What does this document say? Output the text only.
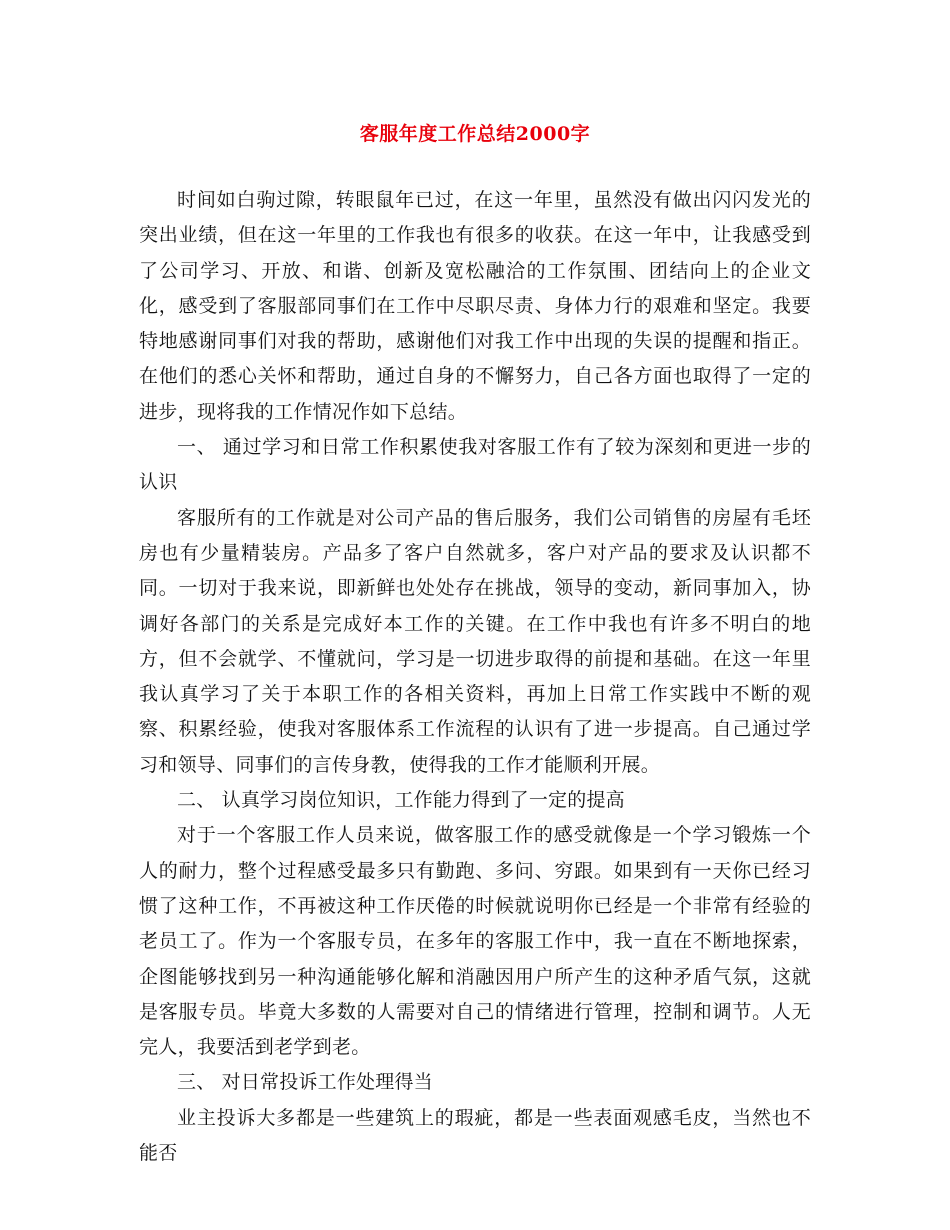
客服年度工作总结2000字

时间如白驹过隙，转眼鼠年已过，在这一年里，虽然没有做出闪闪发光的突出业绩，但在这一年里的工作我也有很多的收获。在这一年中，让我感受到了公司学习、开放、和谐、创新及宽松融洽的工作氛围、团结向上的企业文化，感受到了客服部同事们在工作中尽职尽责、身体力行的艰难和坚定。我要特地感谢同事们对我的帮助，感谢他们对我工作中出现的失误的提醒和指正。在他们的悉心关怀和帮助，通过自身的不懈努力，自己各方面也取得了一定的进步，现将我的工作情况作如下总结。

一、 通过学习和日常工作积累使我对客服工作有了较为深刻和更进一步的认识

客服所有的工作就是对公司产品的售后服务，我们公司销售的房屋有毛坯房也有少量精装房。产品多了客户自然就多，客户对产品的要求及认识都不同。一切对于我来说，即新鲜也处处存在挑战，领导的变动，新同事加入，协调好各部门的关系是完成好本工作的关键。在工作中我也有许多不明白的地方，但不会就学、不懂就问，学习是一切进步取得的前提和基础。在这一年里我认真学习了关于本职工作的各相关资料，再加上日常工作实践中不断的观察、积累经验，使我对客服体系工作流程的认识有了进一步提高。自己通过学习和领导、同事们的言传身教，使得我的工作才能顺利开展。

二、 认真学习岗位知识，工作能力得到了一定的提高

对于一个客服工作人员来说，做客服工作的感受就像是一个学习锻炼一个人的耐力，整个过程感受最多只有勤跑、多问、穷跟。如果到有一天你已经习惯了这种工作，不再被这种工作厌倦的时候就说明你已经是一个非常有经验的老员工了。作为一个客服专员，在多年的客服工作中，我一直在不断地探索，企图能够找到另一种沟通能够化解和消融因用户所产生的这种矛盾气氛，这就是客服专员。毕竟大多数的人需要对自己的情绪进行管理，控制和调节。人无完人，我要活到老学到老。

三、 对日常投诉工作处理得当

业主投诉大多都是一些建筑上的瑕疵，都是一些表面观感毛皮，当然也不能否
